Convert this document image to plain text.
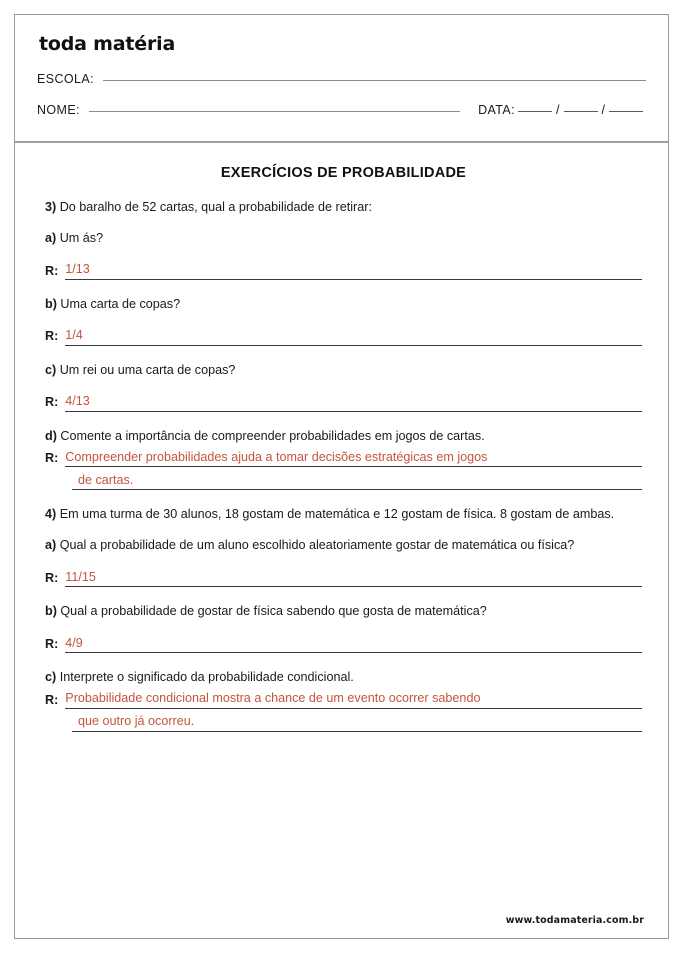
toda matéria
ESCOLA:
NOME:	DATA:	/	/
EXERCÍCIOS DE PROBABILIDADE

3) Do baralho de 52 cartas, qual a probabilidade de retirar:

a) Um ás?

R: 1/13

b) Uma carta de copas?

R: 1/4

c) Um rei ou uma carta de copas?

R: 4/13

d) Comente a importância de compreender probabilidades em jogos de cartas.

R: Compreender probabilidades ajuda a tomar decisões estratégicas em jogos
de cartas.

4) Em uma turma de 30 alunos, 18 gostam de matemática e 12 gostam de física. 8 gostam de ambas.

a) Qual a probabilidade de um aluno escolhido aleatoriamente gostar de matemática ou física?

R: 11/15

b) Qual a probabilidade de gostar de física sabendo que gosta de matemática?

R: 4/9

c) Interprete o significado da probabilidade condicional.

R: Probabilidade condicional mostra a chance de um evento ocorrer sabendo
que outro já ocorreu.
www.todamateria.com.br
